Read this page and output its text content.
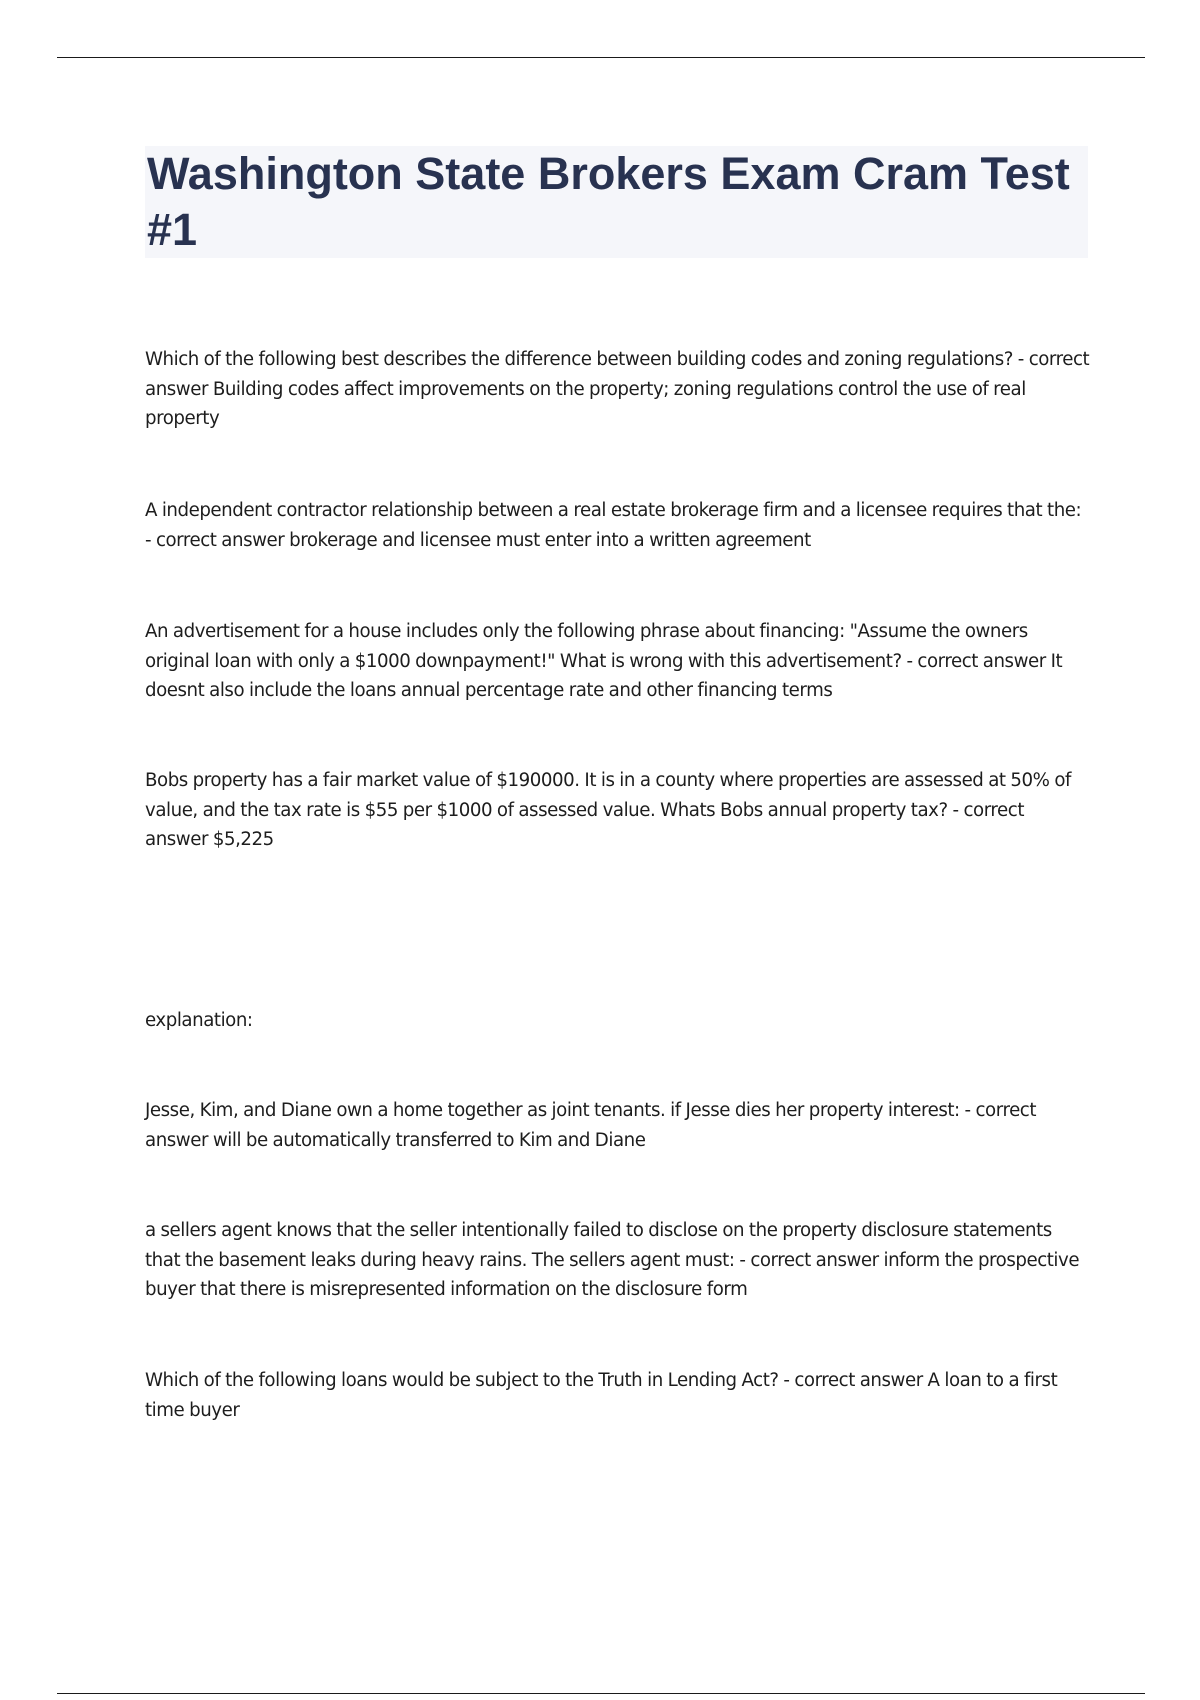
Washington State Brokers Exam Cram Test #1

Which of the following best describes the difference between building codes and zoning regulations? - correct answer Building codes affect improvements on the property; zoning regulations control the use of real property

A independent contractor relationship between a real estate brokerage firm and a licensee requires that the: - correct answer brokerage and licensee must enter into a written agreement

An advertisement for a house includes only the following phrase about financing: "Assume the owners original loan with only a $1000 downpayment!" What is wrong with this advertisement? - correct answer It doesnt also include the loans annual percentage rate and other financing terms

Bobs property has a fair market value of $190000. It is in a county where properties are assessed at 50% of value, and the tax rate is $55 per $1000 of assessed value. Whats Bobs annual property tax? - correct answer $5,225

explanation:

Jesse, Kim, and Diane own a home together as joint tenants. if Jesse dies her property interest: - correct answer will be automatically transferred to Kim and Diane

a sellers agent knows that the seller intentionally failed to disclose on the property disclosure statements that the basement leaks during heavy rains. The sellers agent must: - correct answer inform the prospective buyer that there is misrepresented information on the disclosure form

Which of the following loans would be subject to the Truth in Lending Act? - correct answer A loan to a first time buyer
